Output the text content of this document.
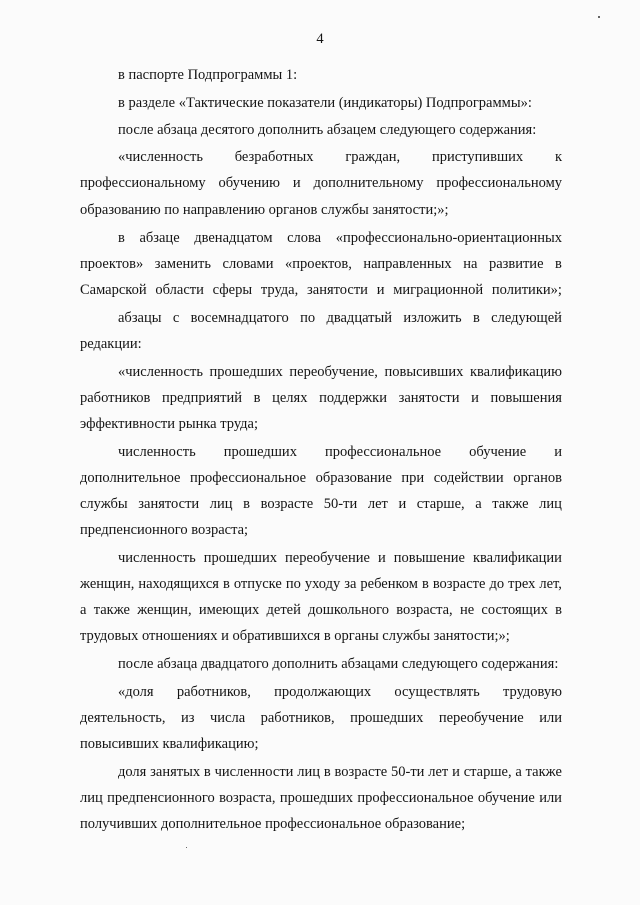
4
в паспорте Подпрограммы 1:
в разделе «Тактические показатели (индикаторы) Подпрограммы»:
после абзаца десятого дополнить абзацем следующего содержания:
«численность безработных граждан, приступивших к
профессиональному обучению и дополнительному профессиональному
образованию по направлению органов службы занятости;»;
в абзаце двенадцатом слова «профессионально-ориентационных
проектов» заменить словами «проектов, направленных на развитие в
Самарской области сферы труда, занятости и миграционной политики»;
абзацы с восемнадцатого по двадцатый изложить в следующей
редакции:
«численность прошедших переобучение, повысивших квалификацию
работников предприятий в целях поддержки занятости и повышения
эффективности рынка труда;
численность прошедших профессиональное обучение и
дополнительное профессиональное образование при содействии органов
службы занятости лиц в возрасте 50-ти лет и старше, а также лиц
предпенсионного возраста;
численность прошедших переобучение и повышение квалификации
женщин, находящихся в отпуске по уходу за ребенком в возрасте до трех лет,
а также женщин, имеющих детей дошкольного возраста, не состоящих в
трудовых отношениях и обратившихся в органы службы занятости;»;
после абзаца двадцатого дополнить абзацами следующего содержания:
«доля работников, продолжающих осуществлять трудовую
деятельность, из числа работников, прошедших переобучение или
повысивших квалификацию;
доля занятых в численности лиц в возрасте 50-ти лет и старше, а также
лиц предпенсионного возраста, прошедших профессиональное обучение или
получивших дополнительное профессиональное образование;
